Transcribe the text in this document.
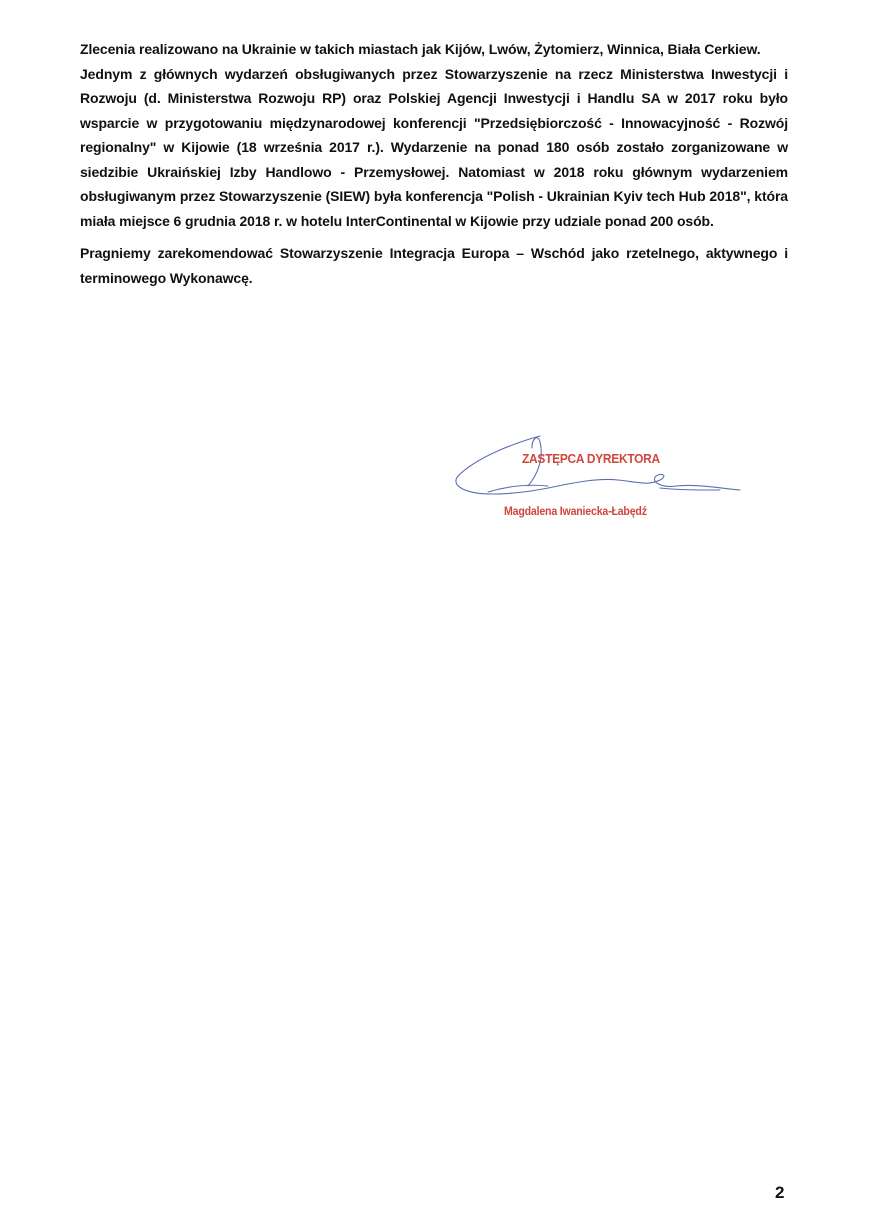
Zlecenia realizowano na Ukrainie w takich miastach jak Kijów, Lwów, Żytomierz, Winnica, Biała Cerkiew.

Jednym z głównych wydarzeń obsługiwanych przez Stowarzyszenie na rzecz Ministerstwa Inwestycji i Rozwoju (d. Ministerstwa Rozwoju RP) oraz Polskiej Agencji Inwestycji i Handlu SA w 2017 roku było wsparcie w przygotowaniu międzynarodowej konferencji "Przedsiębiorczość - Innowacyjność - Rozwój regionalny" w Kijowie (18 września 2017 r.). Wydarzenie na ponad 180 osób zostało zorganizowane w siedzibie Ukraińskiej Izby Handlowo - Przemysłowej. Natomiast w 2018 roku głównym wydarzeniem obsługiwanym przez Stowarzyszenie (SIEW) była konferencja "Polish - Ukrainian Kyiv tech Hub 2018", która miała miejsce 6 grudnia 2018 r. w hotelu InterContinental w Kijowie przy udziale ponad 200 osób.

Pragniemy zarekomendować Stowarzyszenie Integracja Europa – Wschód jako rzetelnego, aktywnego i terminowego Wykonawcę.

ZASTĘPCA DYREKTORA
Magdalena Iwaniecka-Łabędź
2
